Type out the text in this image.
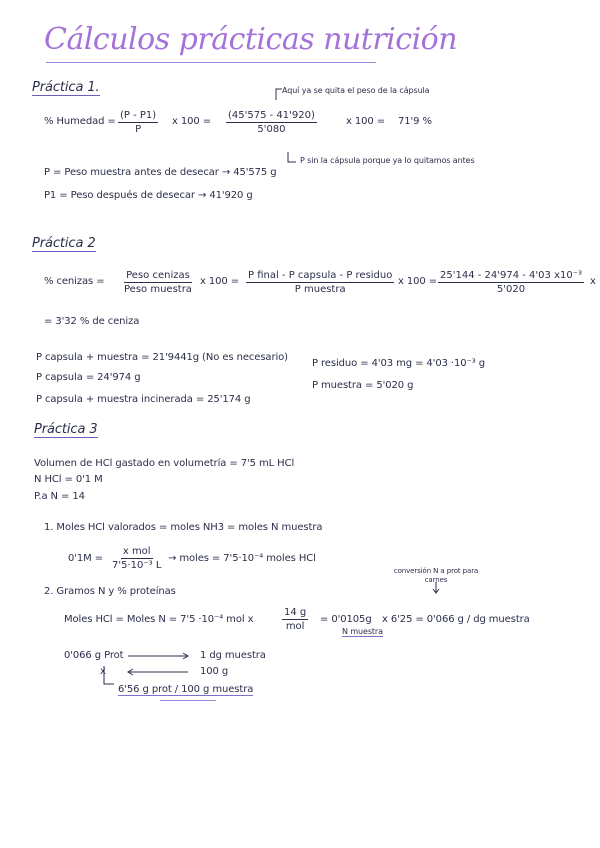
Cálculos prácticas nutrición
Práctica 1.	Aquí ya se quita el peso de la cápsula
% Humedad = $\frac{(P - P1)}{P}$ x $100 = \frac{(45'575 - 41'920)}{5'080}$	x 100 = 71'9 %
P sin la cápsula porque ya lo quitamos antes
P = Peso muestra antes de desecar → 45'575 g
P1 = Peso después de desecar → 41'920 g
Práctica 2
% cenizas =
Peso cenizas
Peso muestra
x 100 =
P final - P capsula - P residuo
P muestra
x $100 = \frac{\text{25'144 - 24'974 - 4'03 x10⁻³}}{5'020}$ x
= 3'32 % de ceniza
P capsula + muestra = 21'9441g (No es necesario)
P capsula = 24'974 g
P capsula + muestra incinerada = 25'174 g
P residuo = 4'03 mg = 4'03 ·10⁻³ g
P muestra = 5'020 g
Práctica 3
Volumen de HCl gastado en volumetría = 7'5 mL HCl
N HCl = 0'1 M
P.a N = 14
1. Moles HCl valorados = moles NH3 = moles N muestra
0'1M =
x mol
7'5·10⁻³ L
→ moles = 7'5·10⁻⁴ moles HCl
2. Gramos N y % proteínas
conversión N a prot para carnes
Moles HCl = Moles N = 7'5 ·10⁻⁴ mol x
14 g
mol
= 0'0105g
N muestra
x 6'25 = 0'066 g / dg muestra
0'066 g Prot	1 dg muestra
x	100 g
6'56 g prot / 100 g muestra
